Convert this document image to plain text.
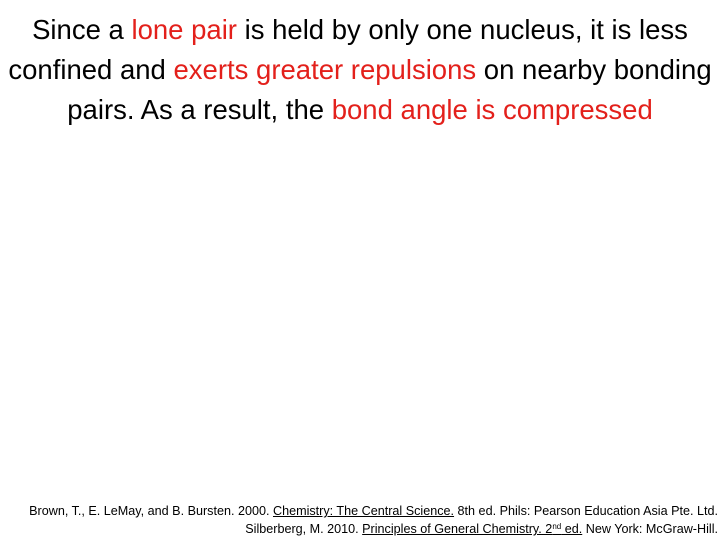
Since a lone pair is held by only one nucleus, it is less confined and exerts greater repulsions on nearby bonding pairs. As a result, the bond angle is compressed
Brown, T., E. LeMay, and B. Bursten. 2000. Chemistry: The Central Science. 8th ed. Phils: Pearson Education Asia Pte. Ltd.
Silberberg, M. 2010. Principles of General Chemistry. 2nd ed. New York: McGraw-Hill.
